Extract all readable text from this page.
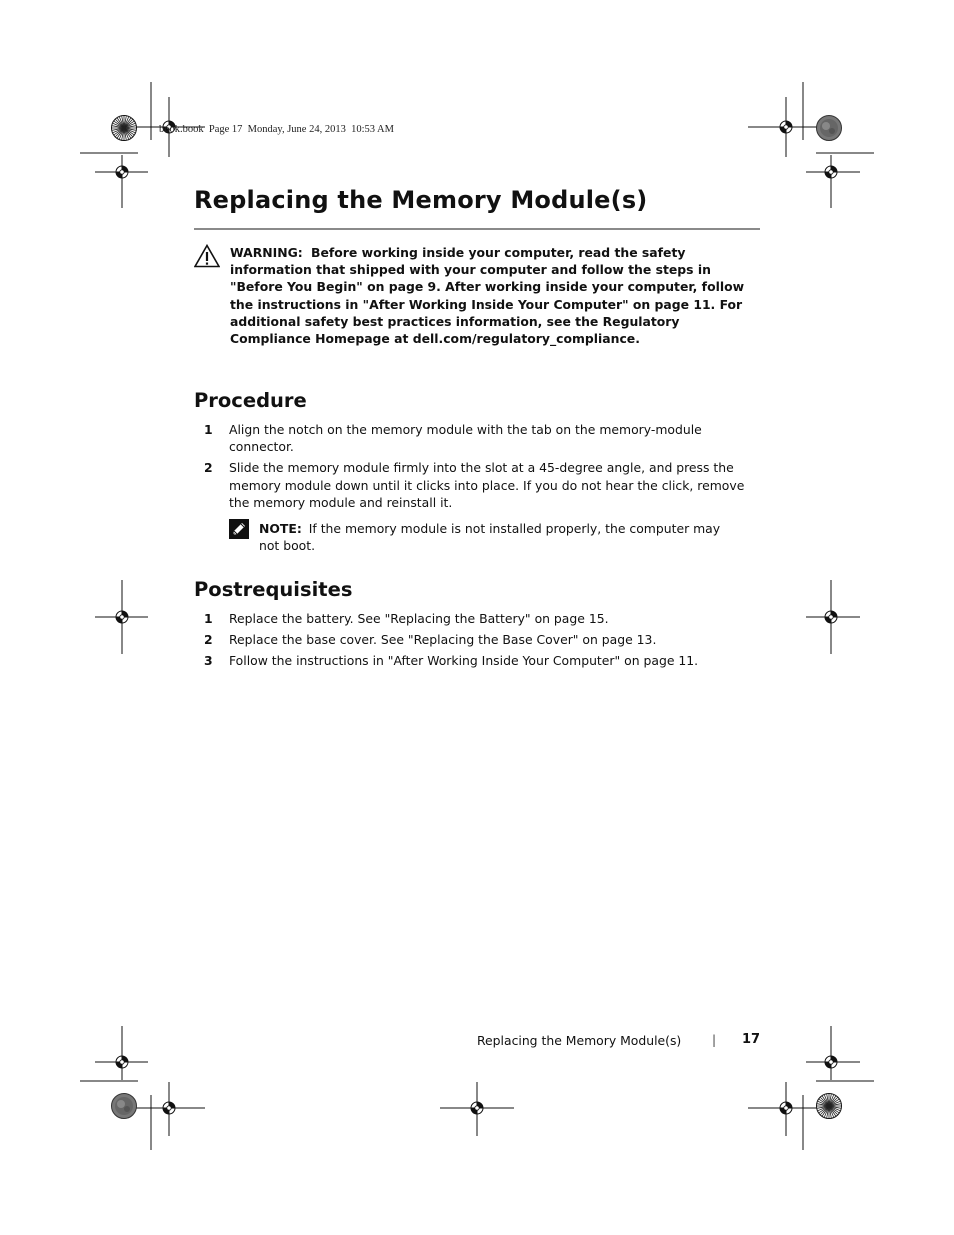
book.book  Page 17  Monday, June 24, 2013  10:53 AM
Replacing the Memory Module(s)
WARNING: Before working inside your computer, read the safety information that shipped with your computer and follow the steps in "Before You Begin" on page 9. After working inside your computer, follow the instructions in "After Working Inside Your Computer" on page 11. For additional safety best practices information, see the Regulatory Compliance Homepage at dell.com/regulatory_compliance.
Procedure
1 Align the notch on the memory module with the tab on the memory-module connector.
2 Slide the memory module firmly into the slot at a 45-degree angle, and press the memory module down until it clicks into place. If you do not hear the click, remove the memory module and reinstall it.
NOTE: If the memory module is not installed properly, the computer may not boot.
Postrequisites
1 Replace the battery. See "Replacing the Battery" on page 15.
2 Replace the base cover. See "Replacing the Base Cover" on page 13.
3 Follow the instructions in "After Working Inside Your Computer" on page 11.
Replacing the Memory Module(s)	| 17
